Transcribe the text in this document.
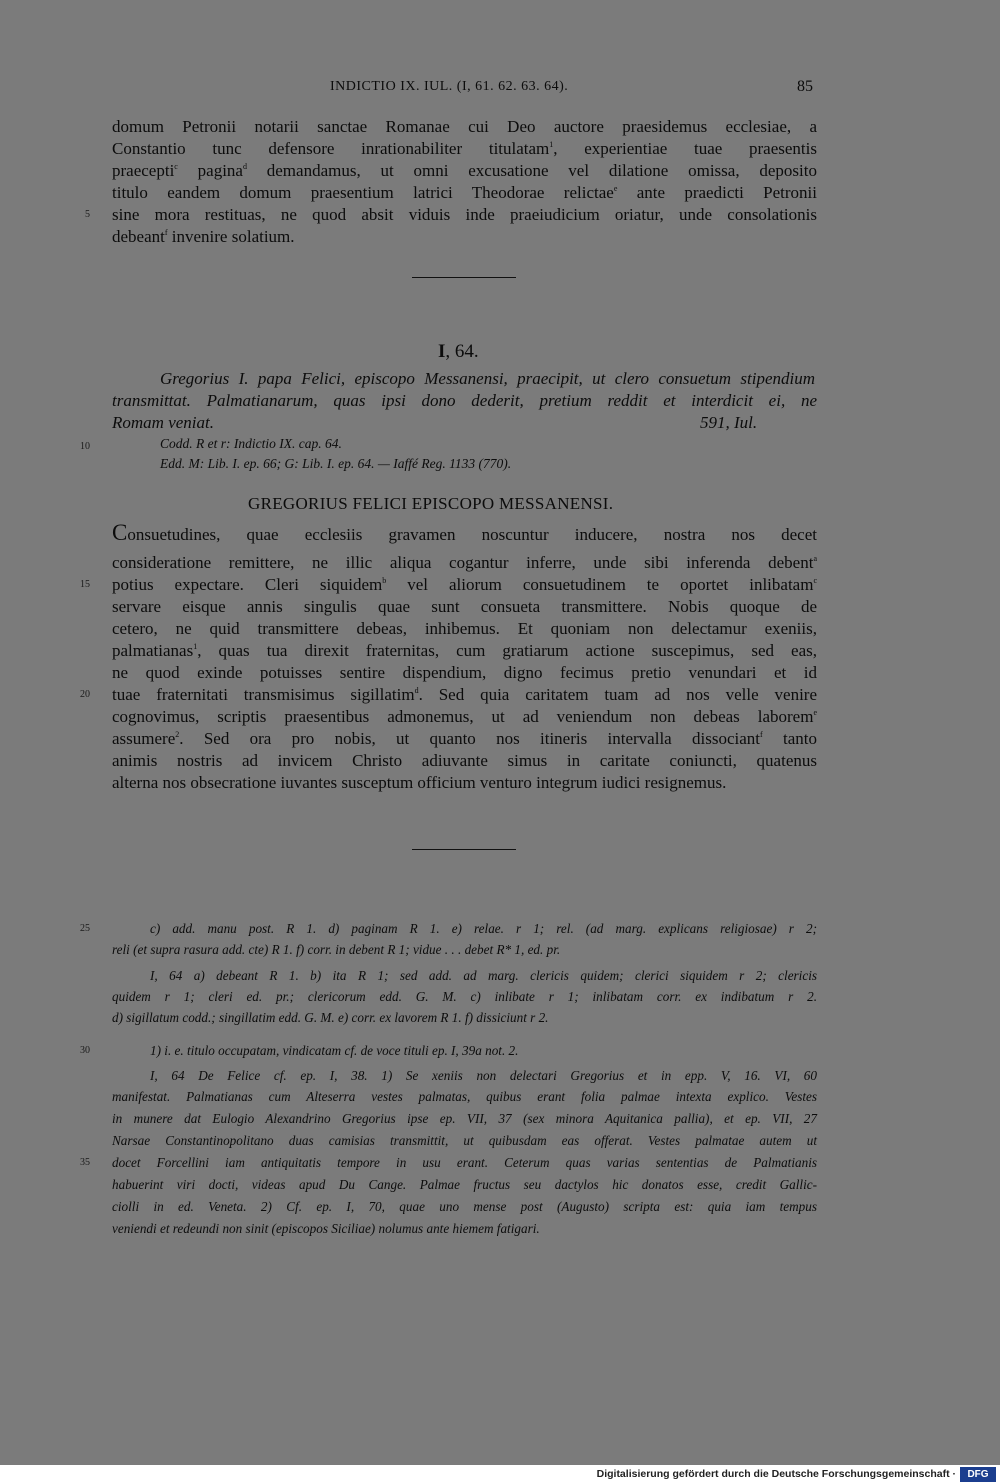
INDICTIO IX. IUL. (I, 61. 62. 63. 64).	85
domum Petronii notarii sanctae Romanae cui Deo auctore praesidemus ecclesiae, a
Constantio tunc defensore inrationabiliter titulatam$^1$, experientiae tuae praesentis
praecepti$^c$ pagina$^d$ demandamus, ut omni excusatione vel dilatione omissa, deposito
titulo eandem domum praesentium latrici Theodorae relictae$^e$ ante praedicti Petronii
sine mora restituas, ne quod absit viduis inde praeiudicium oriatur, unde consolationis
debeant$^f$ invenire solatium.
I, 64.
Gregorius I. papa Felici, episcopo Messanensi, praecipit, ut clero consuetum stipendium
transmittat. Palmatianarum, quas ipsi dono dederit, pretium reddit et interdicit ei, ne
Romam veniat.	591, Iul.
Codd. R et r: Indictio IX. cap. 64.
Edd. M: Lib. I. ep. 66; G: Lib. I. ep. 64. — Iaffé Reg. 1133 (770).
GREGORIUS FELICI EPISCOPO MESSANENSI.
Consuetudines, quae ecclesiis gravamen noscuntur inducere, nostra nos decet
consideratione remittere, ne illic aliqua cogantur inferre, unde sibi inferenda debent$^a$
potius expectare. Cleri siquidem$^b$ vel aliorum consuetudinem te oportet inlibatam$^c$
servare eisque annis singulis quae sunt consueta transmittere. Nobis quoque de
cetero, ne quid transmittere debeas, inhibemus. Et quoniam non delectamur exeniis,
palmatianas$^1$, quas tua direxit fraternitas, cum gratiarum actione suscepimus, sed eas,
ne quod exinde potuisses sentire dispendium, digno fecimus pretio venundari et id
tuae fraternitati transmisimus sigillatim$^d$. Sed quia caritatem tuam ad nos velle venire
cognovimus, scriptis praesentibus admonemus, ut ad veniendum non debeas laborem$^e$
assumere$^2$. Sed ora pro nobis, ut quanto nos itineris intervalla dissociant$^f$ tanto
animis nostris ad invicem Christo adiuvante simus in caritate coniuncti, quatenus
alterna nos obsecratione iuvantes susceptum officium venturo integrum iudici resignemus.
c) add. manu post. R 1. d) paginam R 1. e) relae. r 1; rel. (ad marg. explicans religiosae) r 2;
reli (et supra rasura add. cte) R 1. f) corr. in debent R 1; vidue . . . debet R* 1, ed. pr.
I, 64 a) debeant R 1. b) ita R 1; sed add. ad marg. clericis quidem; clerici siquidem r 2; clericis
quidem r 1; cleri ed. pr.; clericorum edd. G. M. c) inlibate r 1; inlibatam corr. ex indibatum r 2.
d) sigillatum codd.; singillatim edd. G. M. e) corr. ex lavorem R 1. f) dissiciunt r 2.
1) i. e. titulo occupatam, vindicatam cf. de voce tituli ep. I, 39a not. 2.
I, 64 De Felice cf. ep. I, 38. 1) Se xeniis non delectari Gregorius et in epp. V, 16. VI, 60
manifestat. Palmatianas cum Alteserra vestes palmatas, quibus erant folia palmae intexta explico. Vestes
in munere dat Eulogio Alexandrino Gregorius ipse ep. VII, 37 (sex minora Aquitanica pallia), et ep. VII, 27
Narsae Constantinopolitano duas camisias transmittit, ut quibusdam eas offerat. Vestes palmatae autem ut
docet Forcellini iam antiquitatis tempore in usu erant. Ceterum quas varias sententias de Palmatianis
habuerint viri docti, videas apud Du Cange. Palmae fructus seu dactylos hic donatos esse, credit Gallic-
ciolli in ed. Veneta. 2) Cf. ep. I, 70, quae uno mense post (Augusto) scripta est: quia iam tempus
veniendi et redeundi non sinit (episcopos Siciliae) nolumus ante hiemem fatigari.
5
10
15
20
25
30
35
Digitalisierung gefördert durch die Deutsche Forschungsgemeinschaft ·	DFG
